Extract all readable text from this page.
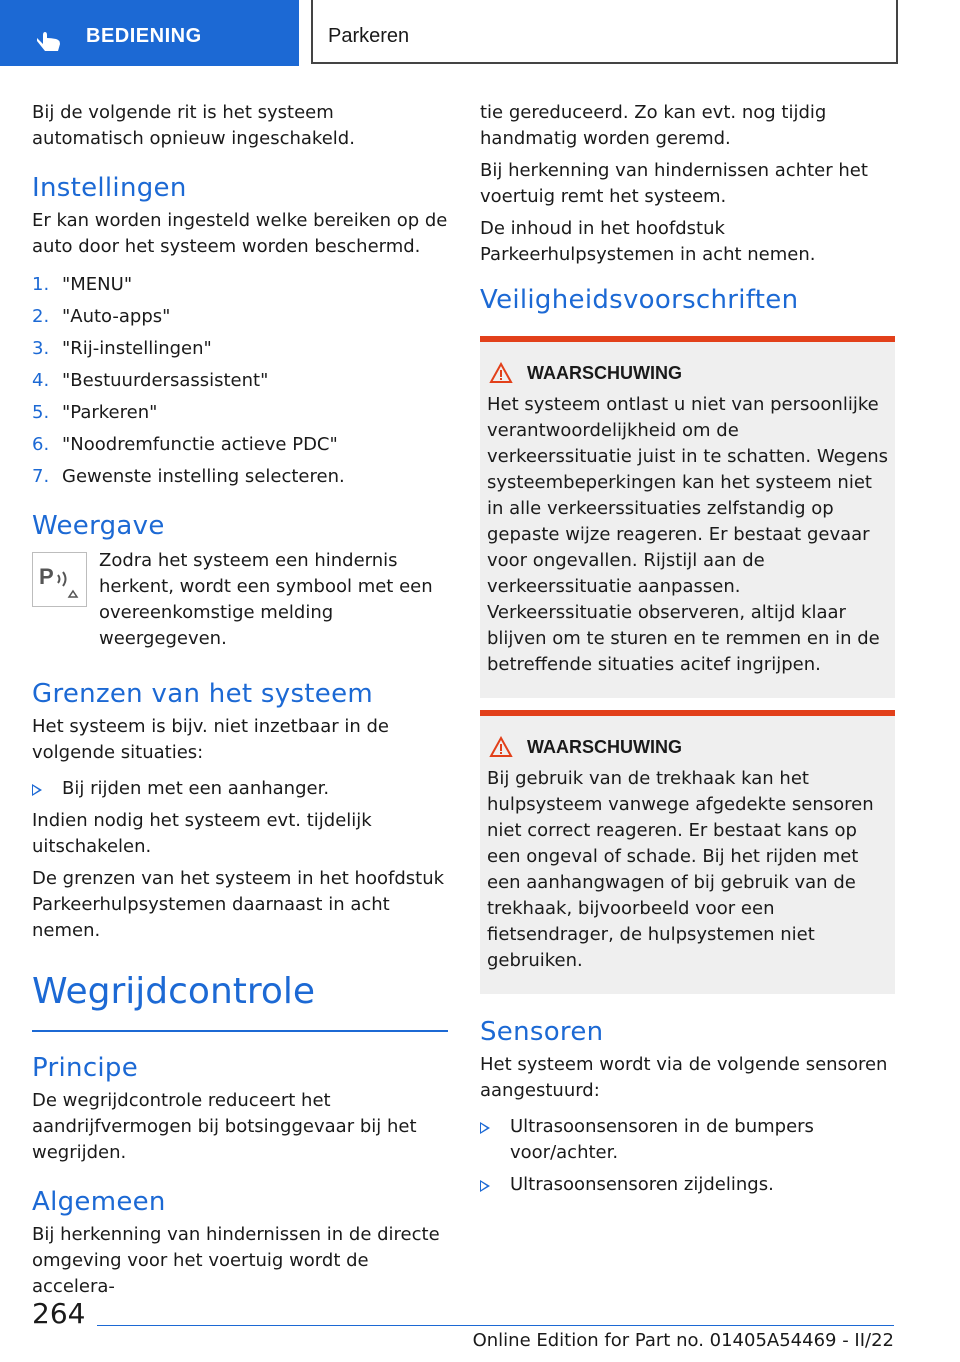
BEDIENING	Parkeren

Bij de volgende rit is het systeem automatisch opnieuw ingeschakeld.

Instellingen

Er kan worden ingesteld welke bereiken op de auto door het systeem worden beschermd.

1. "MENU"
2. "Auto-apps"
3. "Rij-instellingen"
4. "Bestuurdersassistent"
5. "Parkeren"
6. "Noodremfunctie actieve PDC"
7. Gewenste instelling selecteren.
Weergave
P

Zodra het systeem een hindernis herkent, wordt een symbool met een overeenkomstige melding weergegeven.

Grenzen van het systeem

Het systeem is bijv. niet inzetbaar in de volgende situaties:

Bij rijden met een aanhanger.

Indien nodig het systeem evt. tijdelijk uitschakelen.

De grenzen van het systeem in het hoofdstuk Parkeerhulpsystemen daarnaast in acht nemen.

Wegrijdcontrole
Principe

De wegrijdcontrole reduceert het aandrijfvermogen bij botsinggevaar bij het wegrijden.

Algemeen

Bij herkenning van hindernissen in de directe omgeving voor het voertuig wordt de accelera-

tie gereduceerd. Zo kan evt. nog tijdig handmatig worden geremd.

Bij herkenning van hindernissen achter het voertuig remt het systeem.

De inhoud in het hoofdstuk Parkeerhulpsystemen in acht nemen.

Veiligheidsvoorschriften
WAARSCHUWING

Het systeem ontlast u niet van persoonlijke verantwoordelijkheid om de verkeerssituatie juist in te schatten. Wegens systeembeperkingen kan het systeem niet in alle verkeerssituaties zelfstandig op gepaste wijze reageren. Er bestaat gevaar voor ongevallen. Rijstijl aan de verkeerssituatie aanpassen. Verkeerssituatie observeren, altijd klaar blijven om te sturen en te remmen en in de betreffende situaties acitef ingrijpen.

WAARSCHUWING

Bij gebruik van de trekhaak kan het hulpsysteem vanwege afgedekte sensoren niet correct reageren. Er bestaat kans op een ongeval of schade. Bij het rijden met een aanhangwagen of bij gebruik van de trekhaak, bijvoorbeeld voor een fietsendrager, de hulpsystemen niet gebruiken.

Sensoren

Het systeem wordt via de volgende sensoren aangestuurd:

Ultrasoonsensoren in de bumpers voor/achter.
Ultrasoonsensoren zijdelings.
264
Online Edition for Part no. 01405A54469 - II/22
